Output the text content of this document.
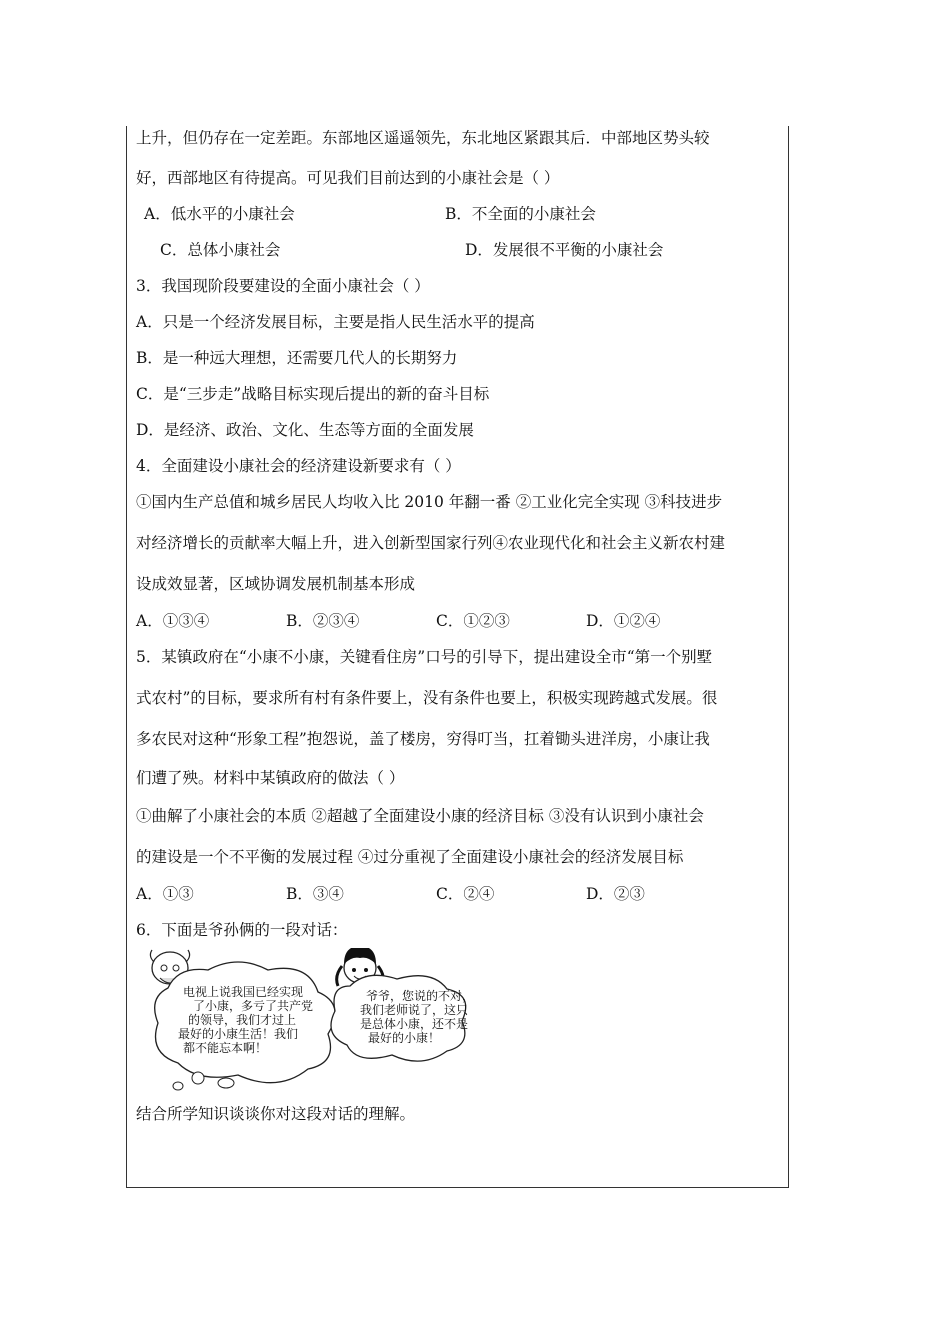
上升，但仍存在一定差距。东部地区遥遥领先，东北地区紧跟其后．中部地区势头较
好，西部地区有待提高。可见我们目前达到的小康社会是（ ）
A．低水平的小康社会	B．不全面的小康社会
C．总体小康社会	D．发展很不平衡的小康社会
3．我国现阶段要建设的全面小康社会（ ）
A．只是一个经济发展目标，主要是指人民生活水平的提高
B．是一种远大理想，还需要几代人的长期努力
C．是“三步走”战略目标实现后提出的新的奋斗目标
D．是经济、政治、文化、生态等方面的全面发展
4．全面建设小康社会的经济建设新要求有（ ）
①国内生产总值和城乡居民人均收入比 2010 年翻一番 ②工业化完全实现 ③科技进步
对经济增长的贡献率大幅上升，进入创新型国家行列④农业现代化和社会主义新农村建
设成效显著，区域协调发展机制基本形成
A．①③④	B．②③④	C．①②③	D．①②④
5．某镇政府在“小康不小康，关键看住房”口号的引导下，提出建设全市“第一个别墅
式农村”的目标，要求所有村有条件要上，没有条件也要上，积极实现跨越式发展。很
多农民对这种“形象工程”抱怨说，盖了楼房，穷得叮当，扛着锄头进洋房，小康让我
们遭了殃。材料中某镇政府的做法（ ）
①曲解了小康社会的本质 ②超越了全面建设小康的经济目标 ③没有认识到小康社会
的建设是一个不平衡的发展过程 ④过分重视了全面建设小康社会的经济发展目标
A．①③	B．③④	C．②④	D．②③
6．下面是爷孙俩的一段对话：
电视上说我国已经实现
了小康，多亏了共产党
的领导，我们才过上
最好的小康生活！我们
都不能忘本啊！
爷爷，您说的不对，
我们老师说了，这只
是总体小康，还不是
最好的小康！
结合所学知识谈谈你对这段对话的理解。
